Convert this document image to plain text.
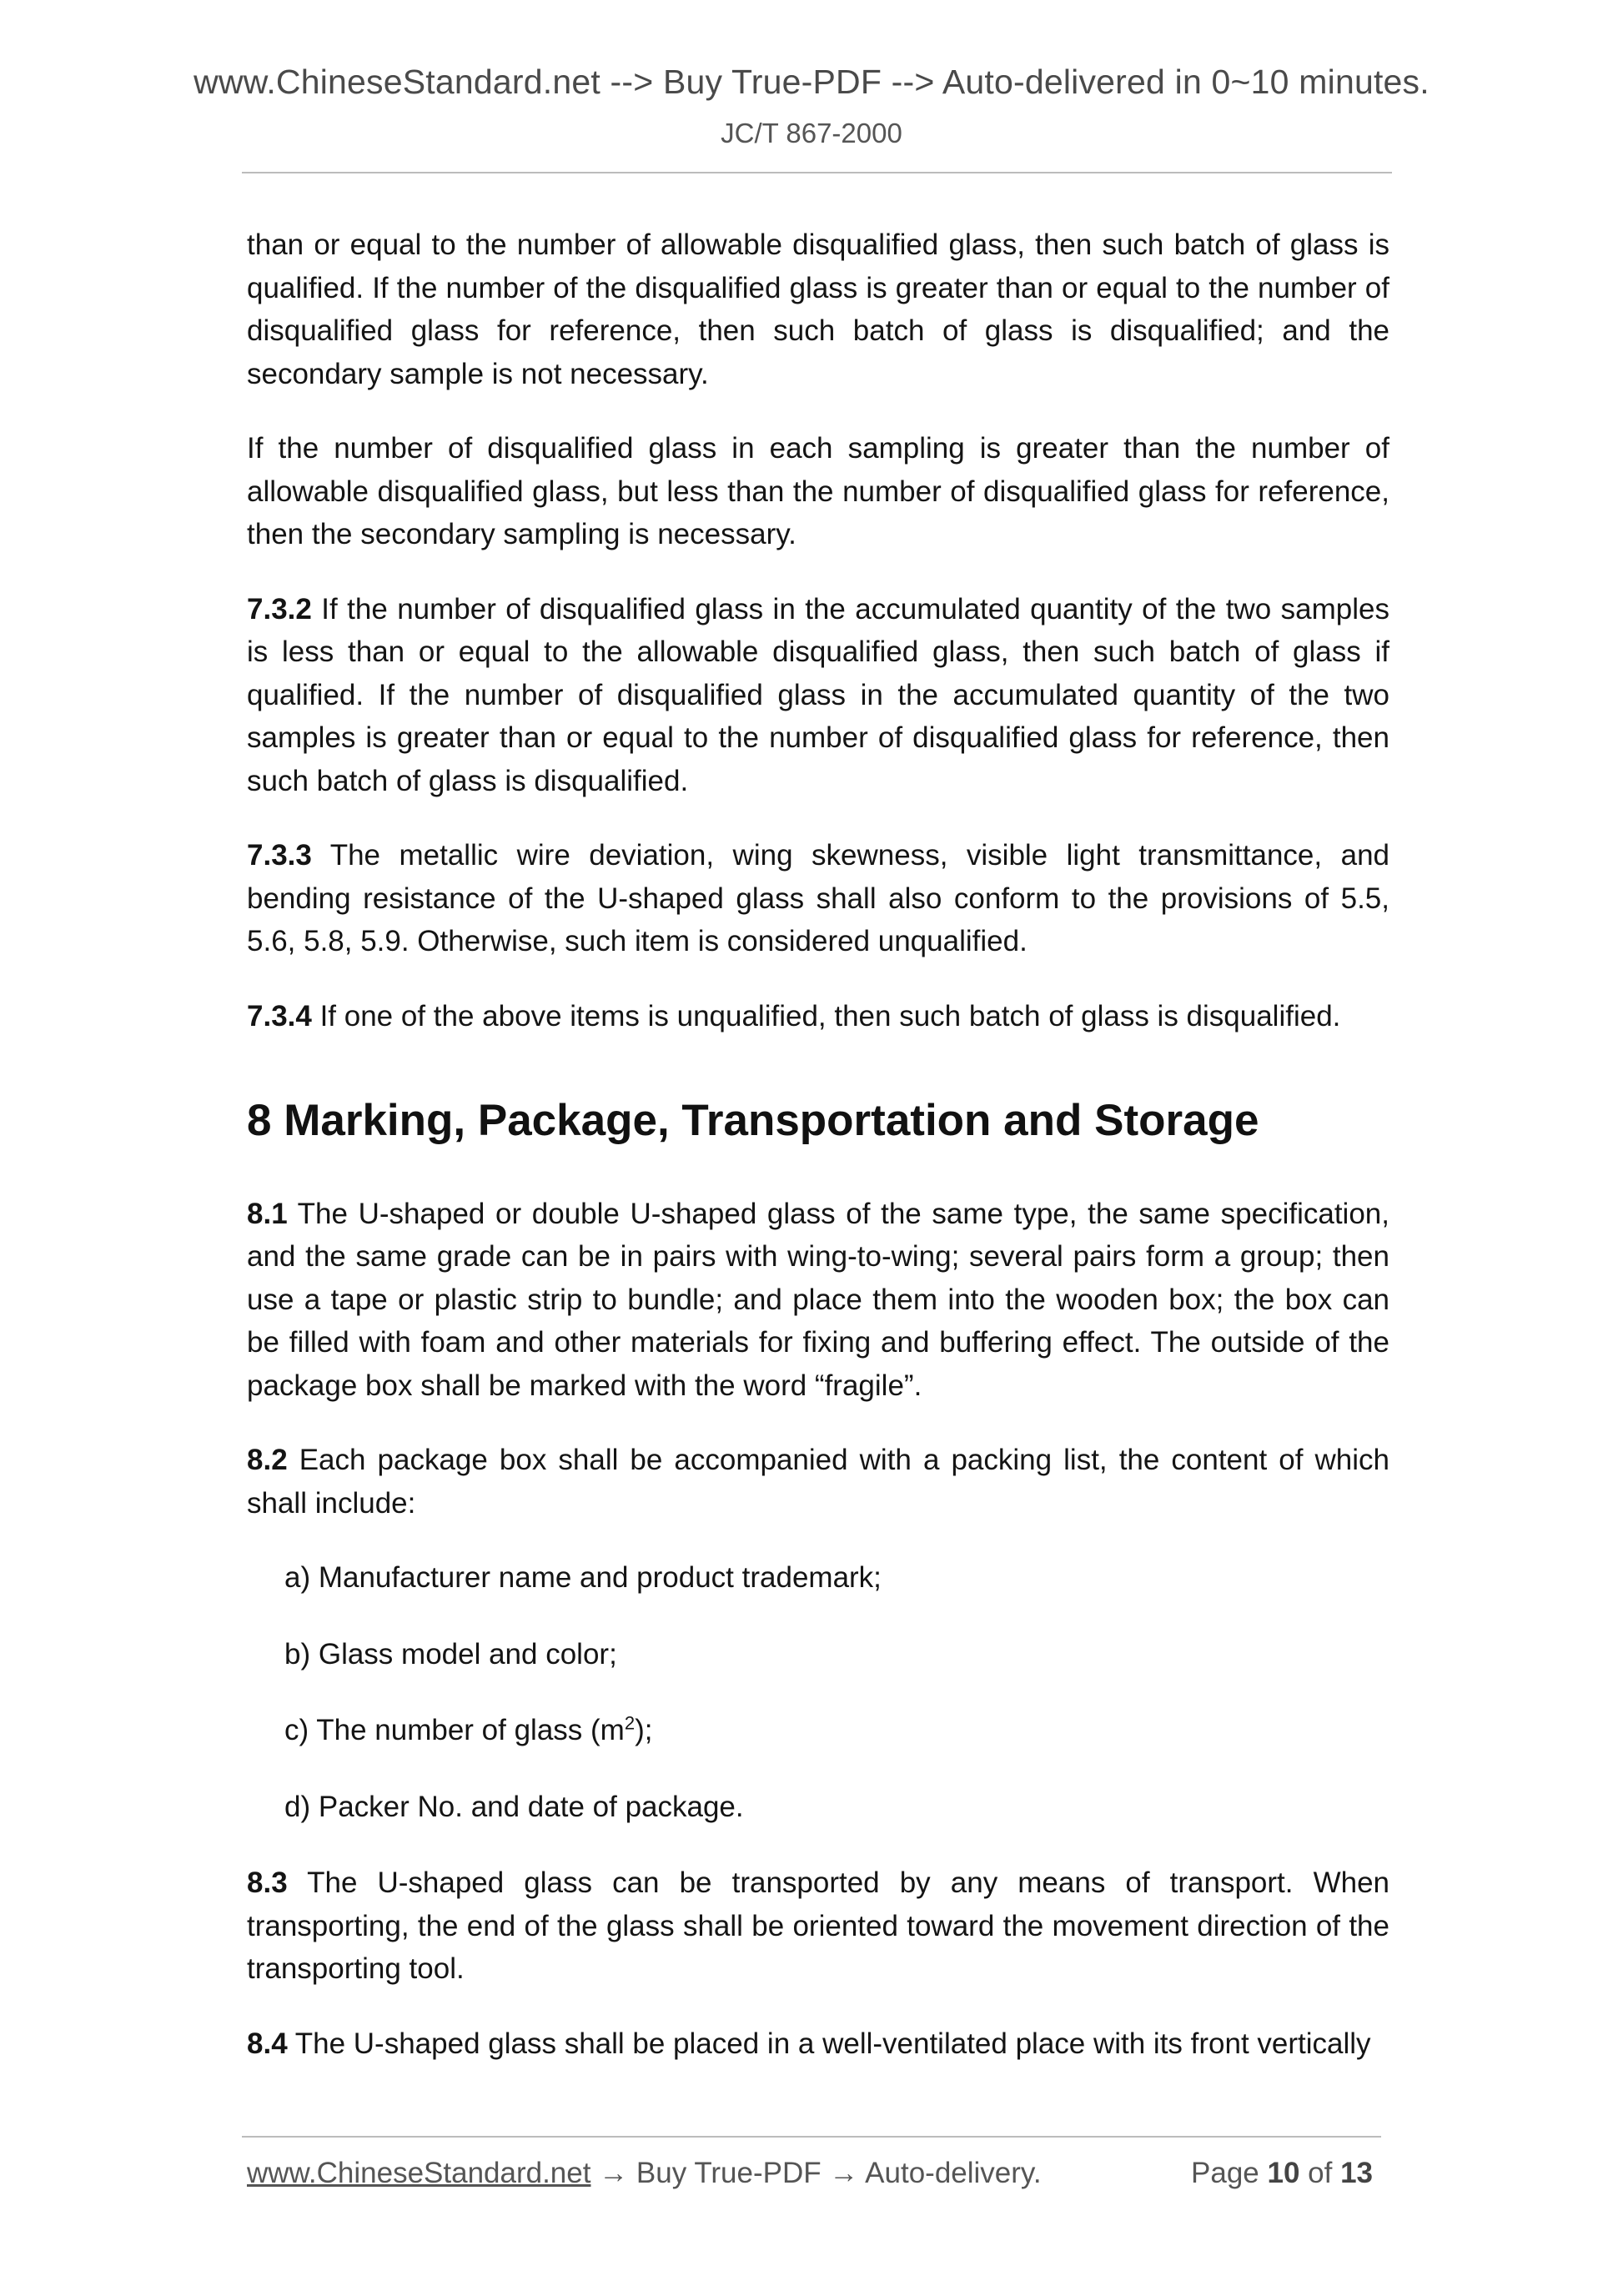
www.ChineseStandard.net --> Buy True-PDF --> Auto-delivered in 0~10 minutes.
JC/T 867-2000

than or equal to the number of allowable disqualified glass, then such batch of glass is qualified. If the number of the disqualified glass is greater than or equal to the number of disqualified glass for reference, then such batch of glass is disqualified; and the secondary sample is not necessary.

If the number of disqualified glass in each sampling is greater than the number of allowable disqualified glass, but less than the number of disqualified glass for reference, then the secondary sampling is necessary.

7.3.2 If the number of disqualified glass in the accumulated quantity of the two samples is less than or equal to the allowable disqualified glass, then such batch of glass if qualified. If the number of disqualified glass in the accumulated quantity of the two samples is greater than or equal to the number of disqualified glass for reference, then such batch of glass is disqualified.

7.3.3 The metallic wire deviation, wing skewness, visible light transmittance, and bending resistance of the U-shaped glass shall also conform to the provisions of 5.5, 5.6, 5.8, 5.9. Otherwise, such item is considered unqualified.

7.3.4 If one of the above items is unqualified, then such batch of glass is disqualified.

8 Marking, Package, Transportation and Storage

8.1 The U-shaped or double U-shaped glass of the same type, the same specification, and the same grade can be in pairs with wing-to-wing; several pairs form a group; then use a tape or plastic strip to bundle; and place them into the wooden box; the box can be filled with foam and other materials for fixing and buffering effect. The outside of the package box shall be marked with the word “fragile”.

8.2 Each package box shall be accompanied with a packing list, the content of which shall include:

a) Manufacturer name and product trademark;
b) Glass model and color;
c) The number of glass $(m^2)$;
d) Packer No. and date of package.

8.3 The U-shaped glass can be transported by any means of transport. When transporting, the end of the glass shall be oriented toward the movement direction of the transporting tool.

8.4 The U-shaped glass shall be placed in a well-ventilated place with its front vertically

www.ChineseStandard.net → Buy True-PDF → Auto-delivery.	Page 10 of 13
